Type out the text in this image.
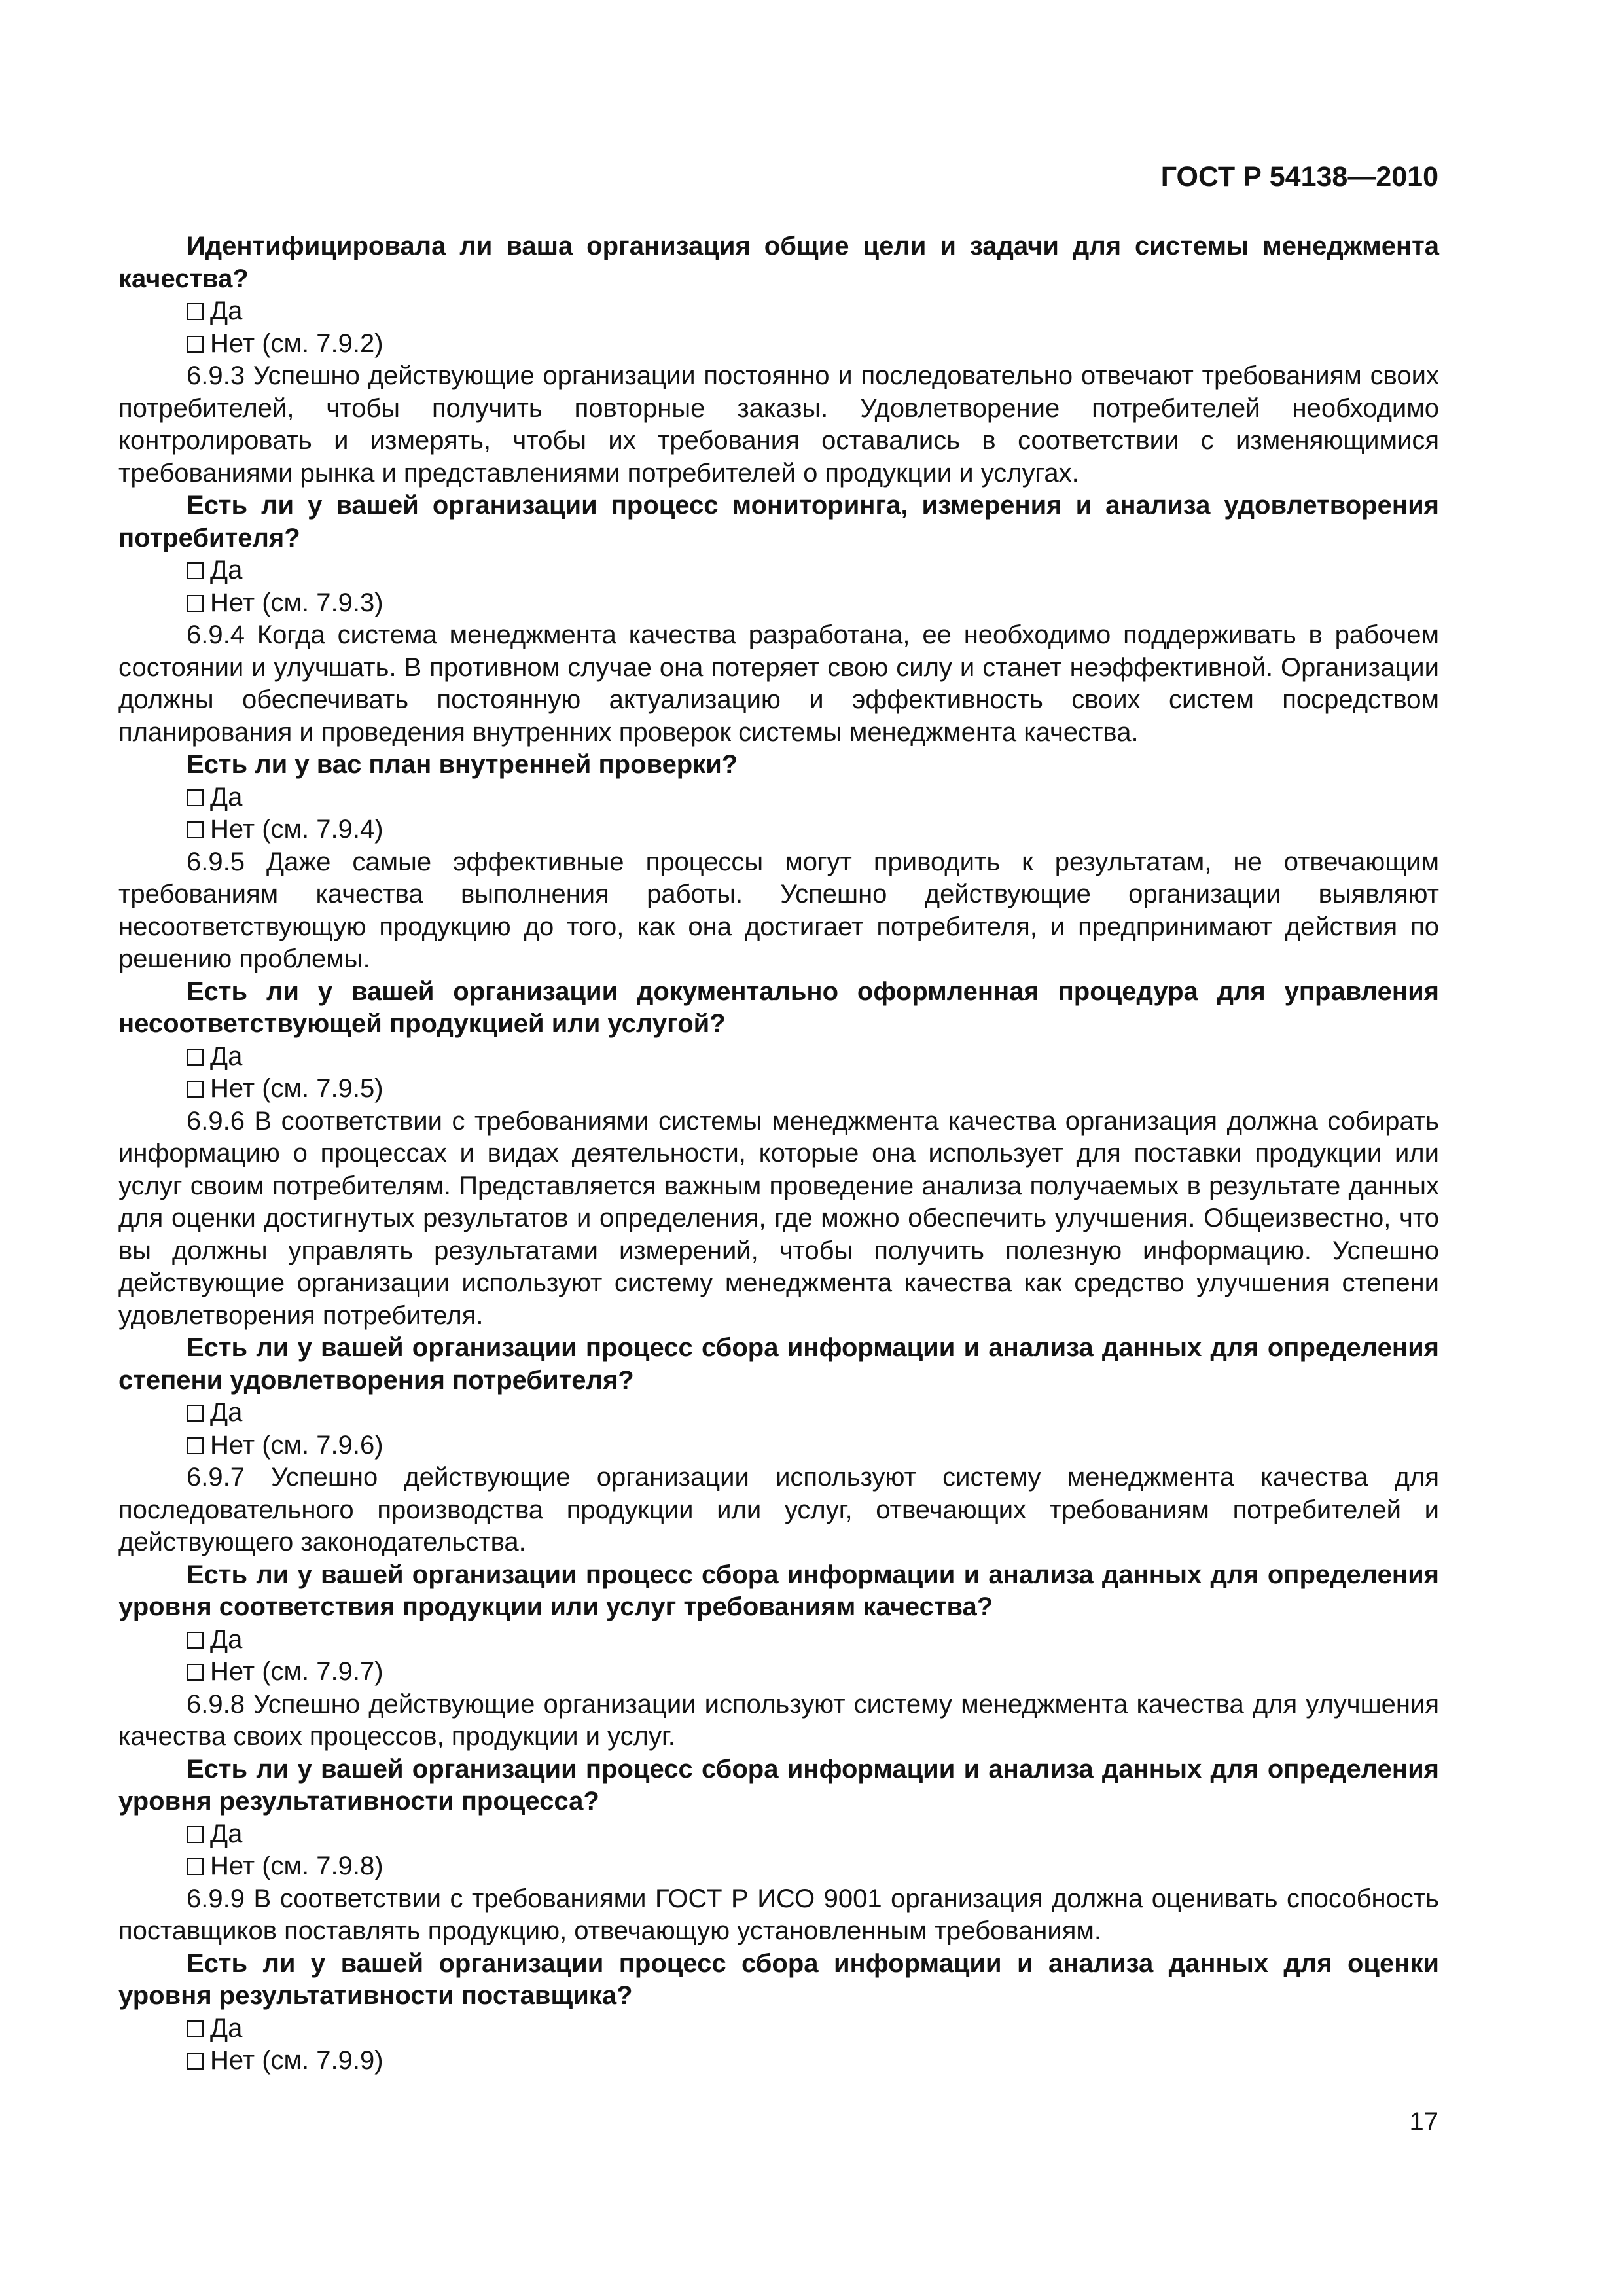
ГОСТ Р 54138—2010
Идентифицировала ли ваша организация общие цели и задачи для системы менеджмента качества?
Да
Нет (см. 7.9.2)
6.9.3 Успешно действующие организации постоянно и последовательно отвечают требованиям своих потребителей, чтобы получить повторные заказы. Удовлетворение потребителей необходимо контролировать и измерять, чтобы их требования оставались в соответствии с изменяющимися требованиями рынка и представлениями потребителей о продукции и услугах.
Есть ли у вашей организации процесс мониторинга, измерения и анализа удовлетворения потребителя?
Да
Нет (см. 7.9.3)
6.9.4 Когда система менеджмента качества разработана, ее необходимо поддерживать в рабочем состоянии и улучшать. В противном случае она потеряет свою силу и станет неэффективной. Организации должны обеспечивать постоянную актуализацию и эффективность своих систем посредством планирования и проведения внутренних проверок системы менеджмента качества.
Есть ли у вас план внутренней проверки?
Да
Нет (см. 7.9.4)
6.9.5 Даже самые эффективные процессы могут приводить к результатам, не отвечающим требованиям качества выполнения работы. Успешно действующие организации выявляют несоответствующую продукцию до того, как она достигает потребителя, и предпринимают действия по решению проблемы.
Есть ли у вашей организации документально оформленная процедура для управления несоответствующей продукцией или услугой?
Да
Нет (см. 7.9.5)
6.9.6 В соответствии с требованиями системы менеджмента качества организация должна собирать информацию о процессах и видах деятельности, которые она использует для поставки продукции или услуг своим потребителям. Представляется важным проведение анализа получаемых в результате данных для оценки достигнутых результатов и определения, где можно обеспечить улучшения. Общеизвестно, что вы должны управлять результатами измерений, чтобы получить полезную информацию. Успешно действующие организации используют систему менеджмента качества как средство улучшения степени удовлетворения потребителя.
Есть ли у вашей организации процесс сбора информации и анализа данных для определения степени удовлетворения потребителя?
Да
Нет (см. 7.9.6)
6.9.7 Успешно действующие организации используют систему менеджмента качества для последовательного производства продукции или услуг, отвечающих требованиям потребителей и действующего законодательства.
Есть ли у вашей организации процесс сбора информации и анализа данных для определения уровня соответствия продукции или услуг требованиям качества?
Да
Нет (см. 7.9.7)
6.9.8 Успешно действующие организации используют систему менеджмента качества для улучшения качества своих процессов, продукции и услуг.
Есть ли у вашей организации процесс сбора информации и анализа данных для определения уровня результативности процесса?
Да
Нет (см. 7.9.8)
6.9.9 В соответствии с требованиями ГОСТ Р ИСО 9001 организация должна оценивать способность поставщиков поставлять продукцию, отвечающую установленным требованиям.
Есть ли у вашей организации процесс сбора информации и анализа данных для оценки уровня результативности поставщика?
Да
Нет (см. 7.9.9)
17
